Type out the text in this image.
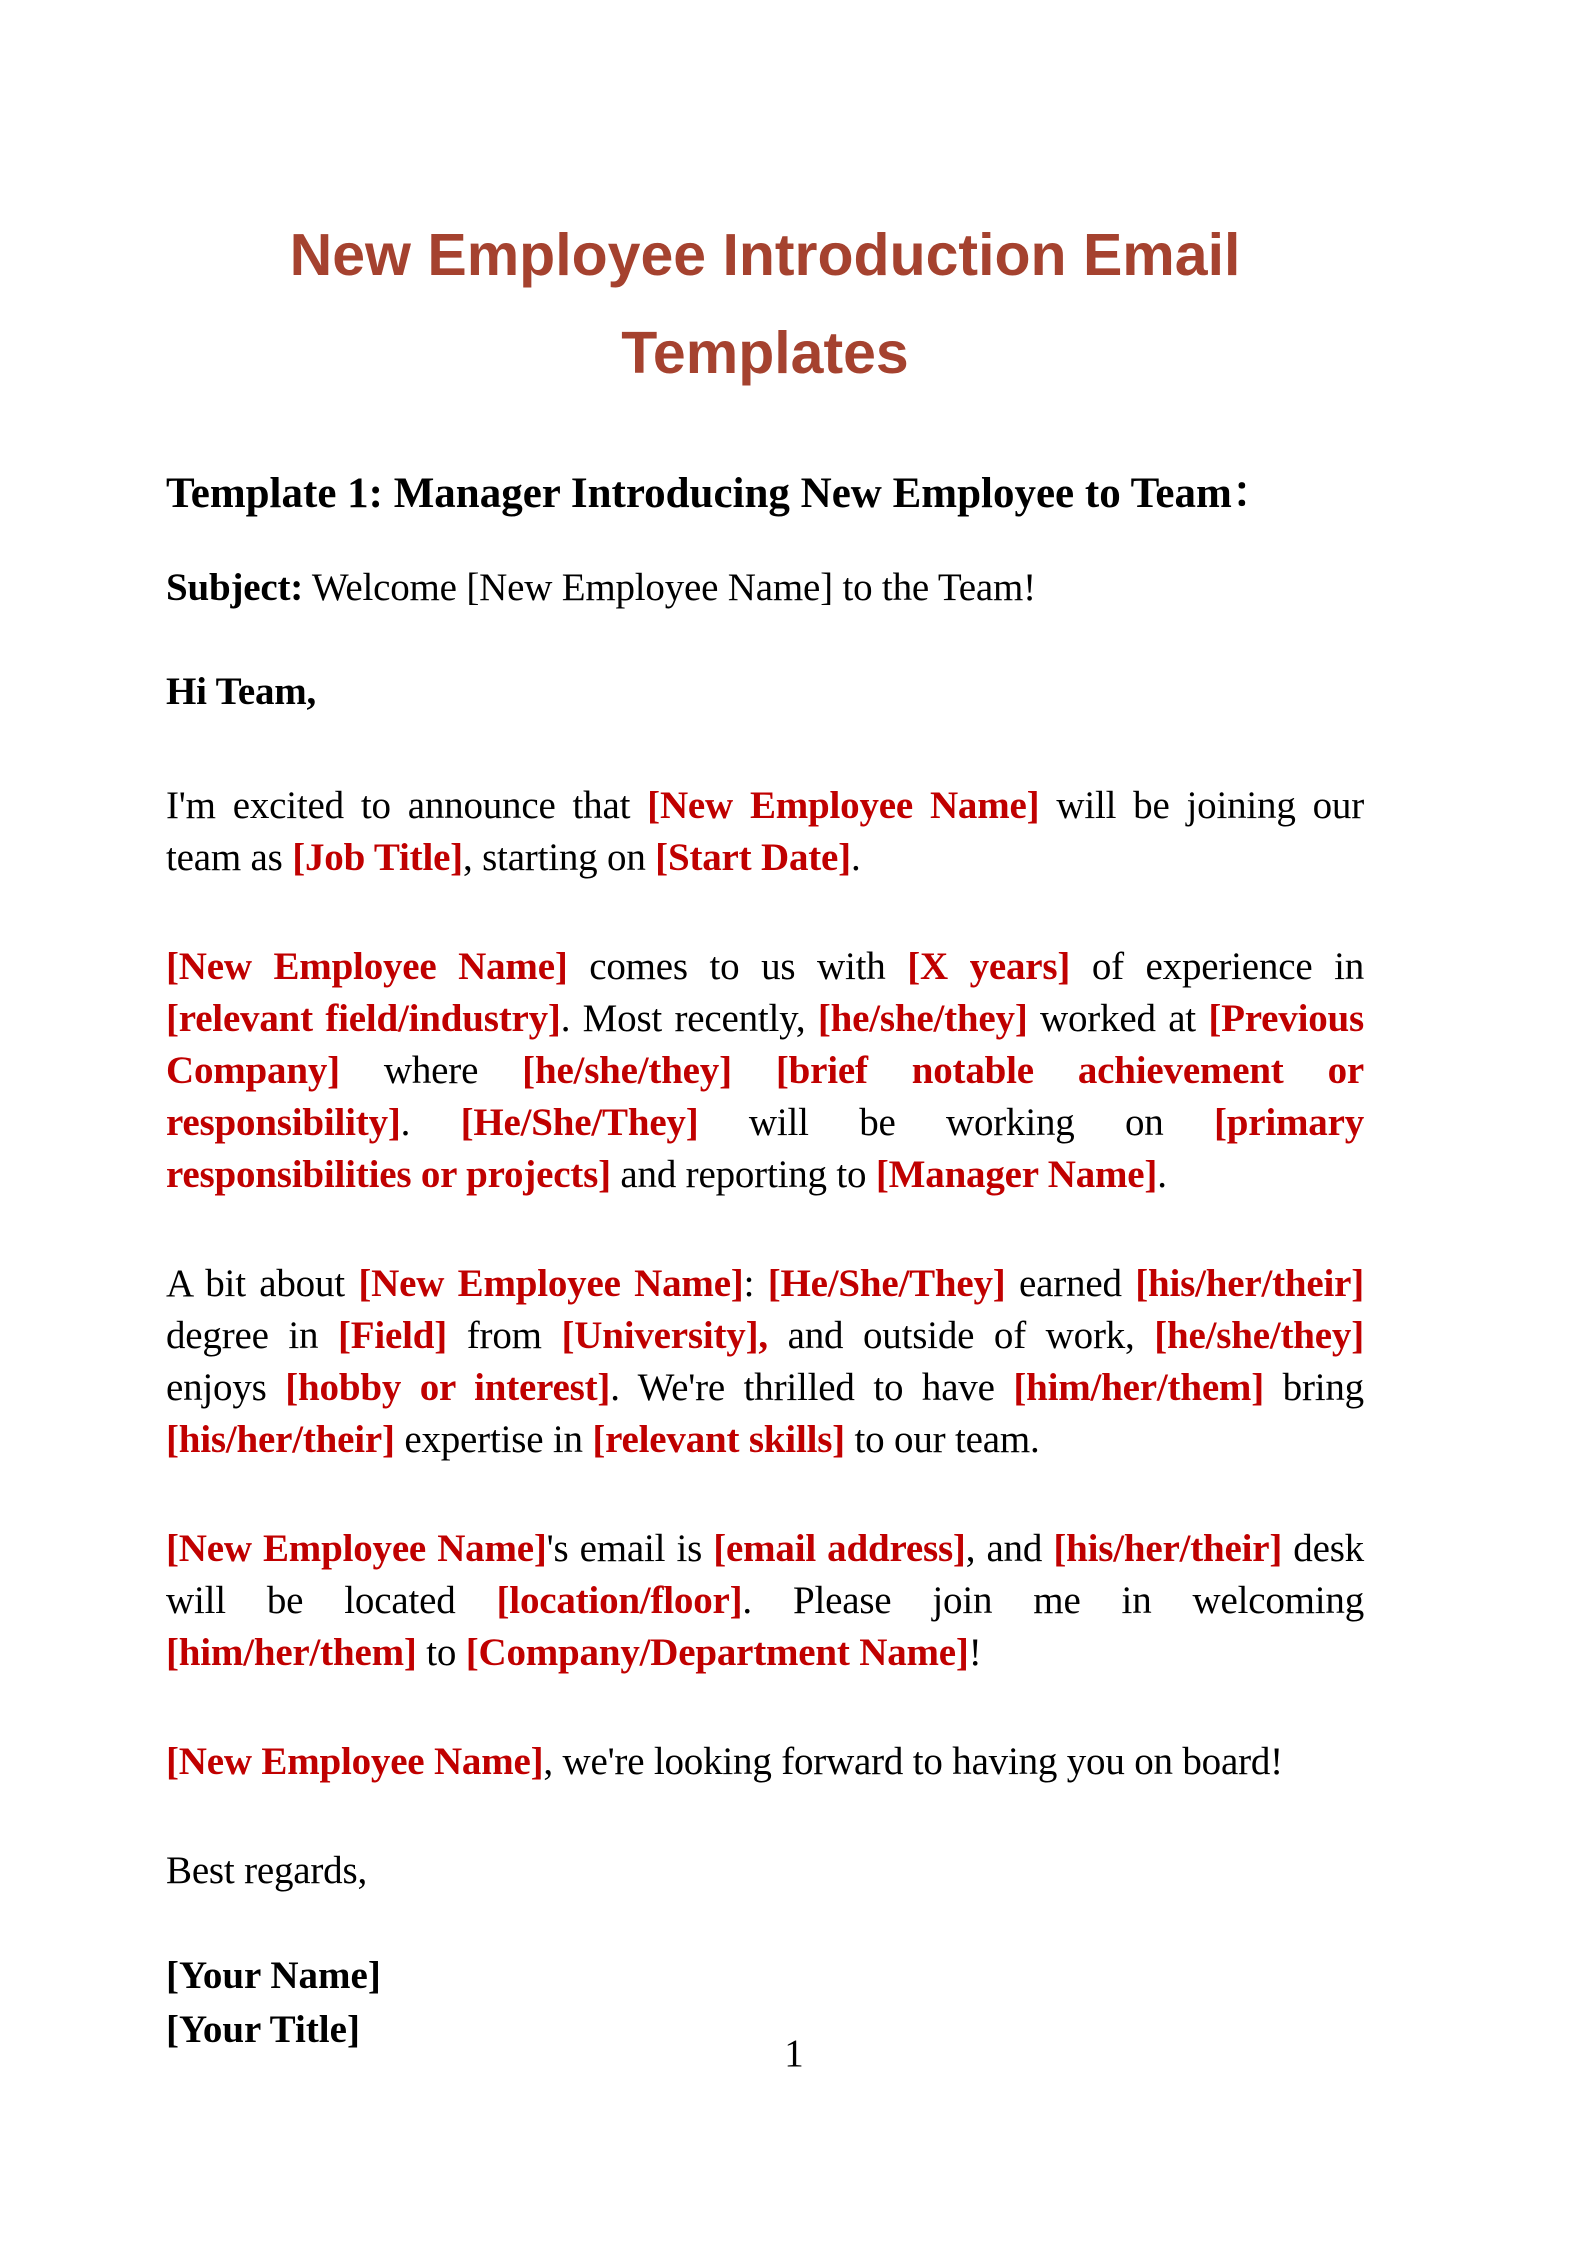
New Employee Introduction Email
Templates
Template 1: Manager Introducing New Employee to Team：

Subject: Welcome [New Employee Name] to the Team!

Hi Team,

I'm excited to announce that [New Employee Name] will be joining our team as [Job Title], starting on [Start Date].

[New Employee Name] comes to us with [X years] of experience in [relevant field/industry]. Most recently, [he/she/they] worked at [Previous Company] where [he/she/they] [brief notable achievement or responsibility]. [He/She/They] will be working on [primary responsibilities or projects] and reporting to [Manager Name].

A bit about [New Employee Name]: [He/She/They] earned [his/her/their] degree in [Field] from [University], and outside of work, [he/she/they] enjoys [hobby or interest]. We're thrilled to have [him/her/them] bring [his/her/their] expertise in [relevant skills] to our team.

[New Employee Name]'s email is [email address], and [his/her/their] desk will be located [location/floor]. Please join me in welcoming [him/her/them] to [Company/Department Name]!

[New Employee Name], we're looking forward to having you on board!

Best regards,

[Your Name]

[Your Title]

1
